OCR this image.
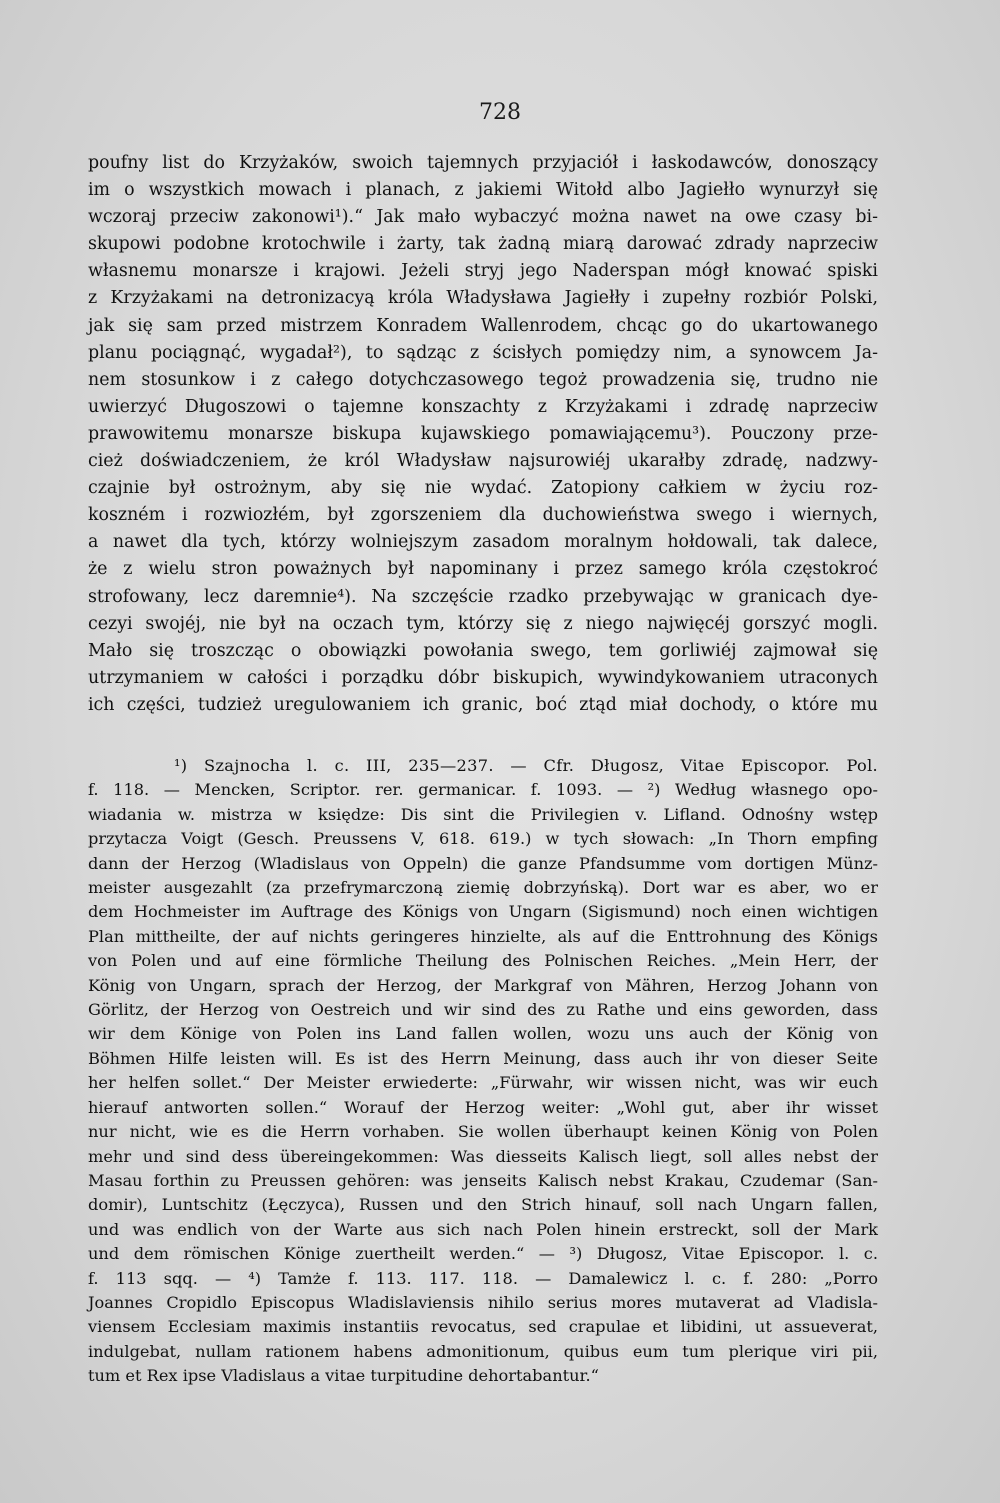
728
poufny list do Krzyżaków, swoich tajemnych przyjaciół i łaskodawców, donoszący
im o wszystkich mowach i planach, z jakiemi Witołd albo Jagiełło wynurzył się
wczoraj przeciw zakonowi¹).“ Jak mało wybaczyć można nawet na owe czasy bi-
skupowi podobne krotochwile i żarty, tak żadną miarą darować zdrady naprzeciw
własnemu monarsze i krajowi. Jeżeli stryj jego Naderspan mógł knować spiski
z Krzyżakami na detronizacyą króla Władysława Jagiełły i zupełny rozbiór Polski,
jak się sam przed mistrzem Konradem Wallenrodem, chcąc go do ukartowanego
planu pociągnąć, wygadał²), to sądząc z ścisłych pomiędzy nim, a synowcem Ja-
nem stosunkow i z całego dotychczasowego tegoż prowadzenia się, trudno nie
uwierzyć Długoszowi o tajemne konszachty z Krzyżakami i zdradę naprzeciw
prawowitemu monarsze biskupa kujawskiego pomawiającemu³). Pouczony prze-
cież doświadczeniem, że król Władysław najsurowiéj ukarałby zdradę, nadzwy-
czajnie był ostrożnym, aby się nie wydać. Zatopiony całkiem w życiu roz-
koszném i rozwiozłém, był zgorszeniem dla duchowieństwa swego i wiernych,
a nawet dla tych, którzy wolniejszym zasadom moralnym hołdowali, tak dalece,
że z wielu stron poważnych był napominany i przez samego króla częstokroć
strofowany, lecz daremnie⁴). Na szczęście rzadko przebywając w granicach dye-
cezyi swojéj, nie był na oczach tym, którzy się z niego najwięcéj gorszyć mogli.
Mało się troszcząc o obowiązki powołania swego, tem gorliwiéj zajmował się
utrzymaniem w całości i porządku dóbr biskupich, wywindykowaniem utraconych
ich części, tudzież uregulowaniem ich granic, boć ztąd miał dochody, o które mu
¹) Szajnocha l. c. III, 235—237. — Cfr. Długosz, Vitae Episcopor. Pol.
f. 118. — Mencken, Scriptor. rer. germanicar. f. 1093. — ²) Według własnego opo-
wiadania w. mistrza w księdze: Dis sint die Privilegien v. Lifland. Odnośny wstęp
przytacza Voigt (Gesch. Preussens V, 618. 619.) w tych słowach: „In Thorn empfing
dann der Herzog (Wladislaus von Oppeln) die ganze Pfandsumme vom dortigen Münz-
meister ausgezahlt (za przefrymarczoną ziemię dobrzyńską). Dort war es aber, wo er
dem Hochmeister im Auftrage des Königs von Ungarn (Sigismund) noch einen wichtigen
Plan mittheilte, der auf nichts geringeres hinzielte, als auf die Enttrohnung des Königs
von Polen und auf eine förmliche Theilung des Polnischen Reiches. „Mein Herr, der
König von Ungarn, sprach der Herzog, der Markgraf von Mähren, Herzog Johann von
Görlitz, der Herzog von Oestreich und wir sind des zu Rathe und eins geworden, dass
wir dem Könige von Polen ins Land fallen wollen, wozu uns auch der König von
Böhmen Hilfe leisten will. Es ist des Herrn Meinung, dass auch ihr von dieser Seite
her helfen sollet.“ Der Meister erwiederte: „Fürwahr, wir wissen nicht, was wir euch
hierauf antworten sollen.“ Worauf der Herzog weiter: „Wohl gut, aber ihr wisset
nur nicht, wie es die Herrn vorhaben. Sie wollen überhaupt keinen König von Polen
mehr und sind dess übereingekommen: Was diesseits Kalisch liegt, soll alles nebst der
Masau forthin zu Preussen gehören: was jenseits Kalisch nebst Krakau, Czudemar (San-
domir), Luntschitz (Łęczyca), Russen und den Strich hinauf, soll nach Ungarn fallen,
und was endlich von der Warte aus sich nach Polen hinein erstreckt, soll der Mark
und dem römischen Könige zuertheilt werden.“ — ³) Długosz, Vitae Episcopor. l. c.
f. 113 sqq. — ⁴) Tamże f. 113. 117. 118. — Damalewicz l. c. f. 280: „Porro
Joannes Cropidlo Episcopus Wladislaviensis nihilo serius mores mutaverat ad Vladisla-
viensem Ecclesiam maximis instantiis revocatus, sed crapulae et libidini, ut assueverat,
indulgebat, nullam rationem habens admonitionum, quibus eum tum plerique viri pii,
tum et Rex ipse Vladislaus a vitae turpitudine dehortabantur.“
